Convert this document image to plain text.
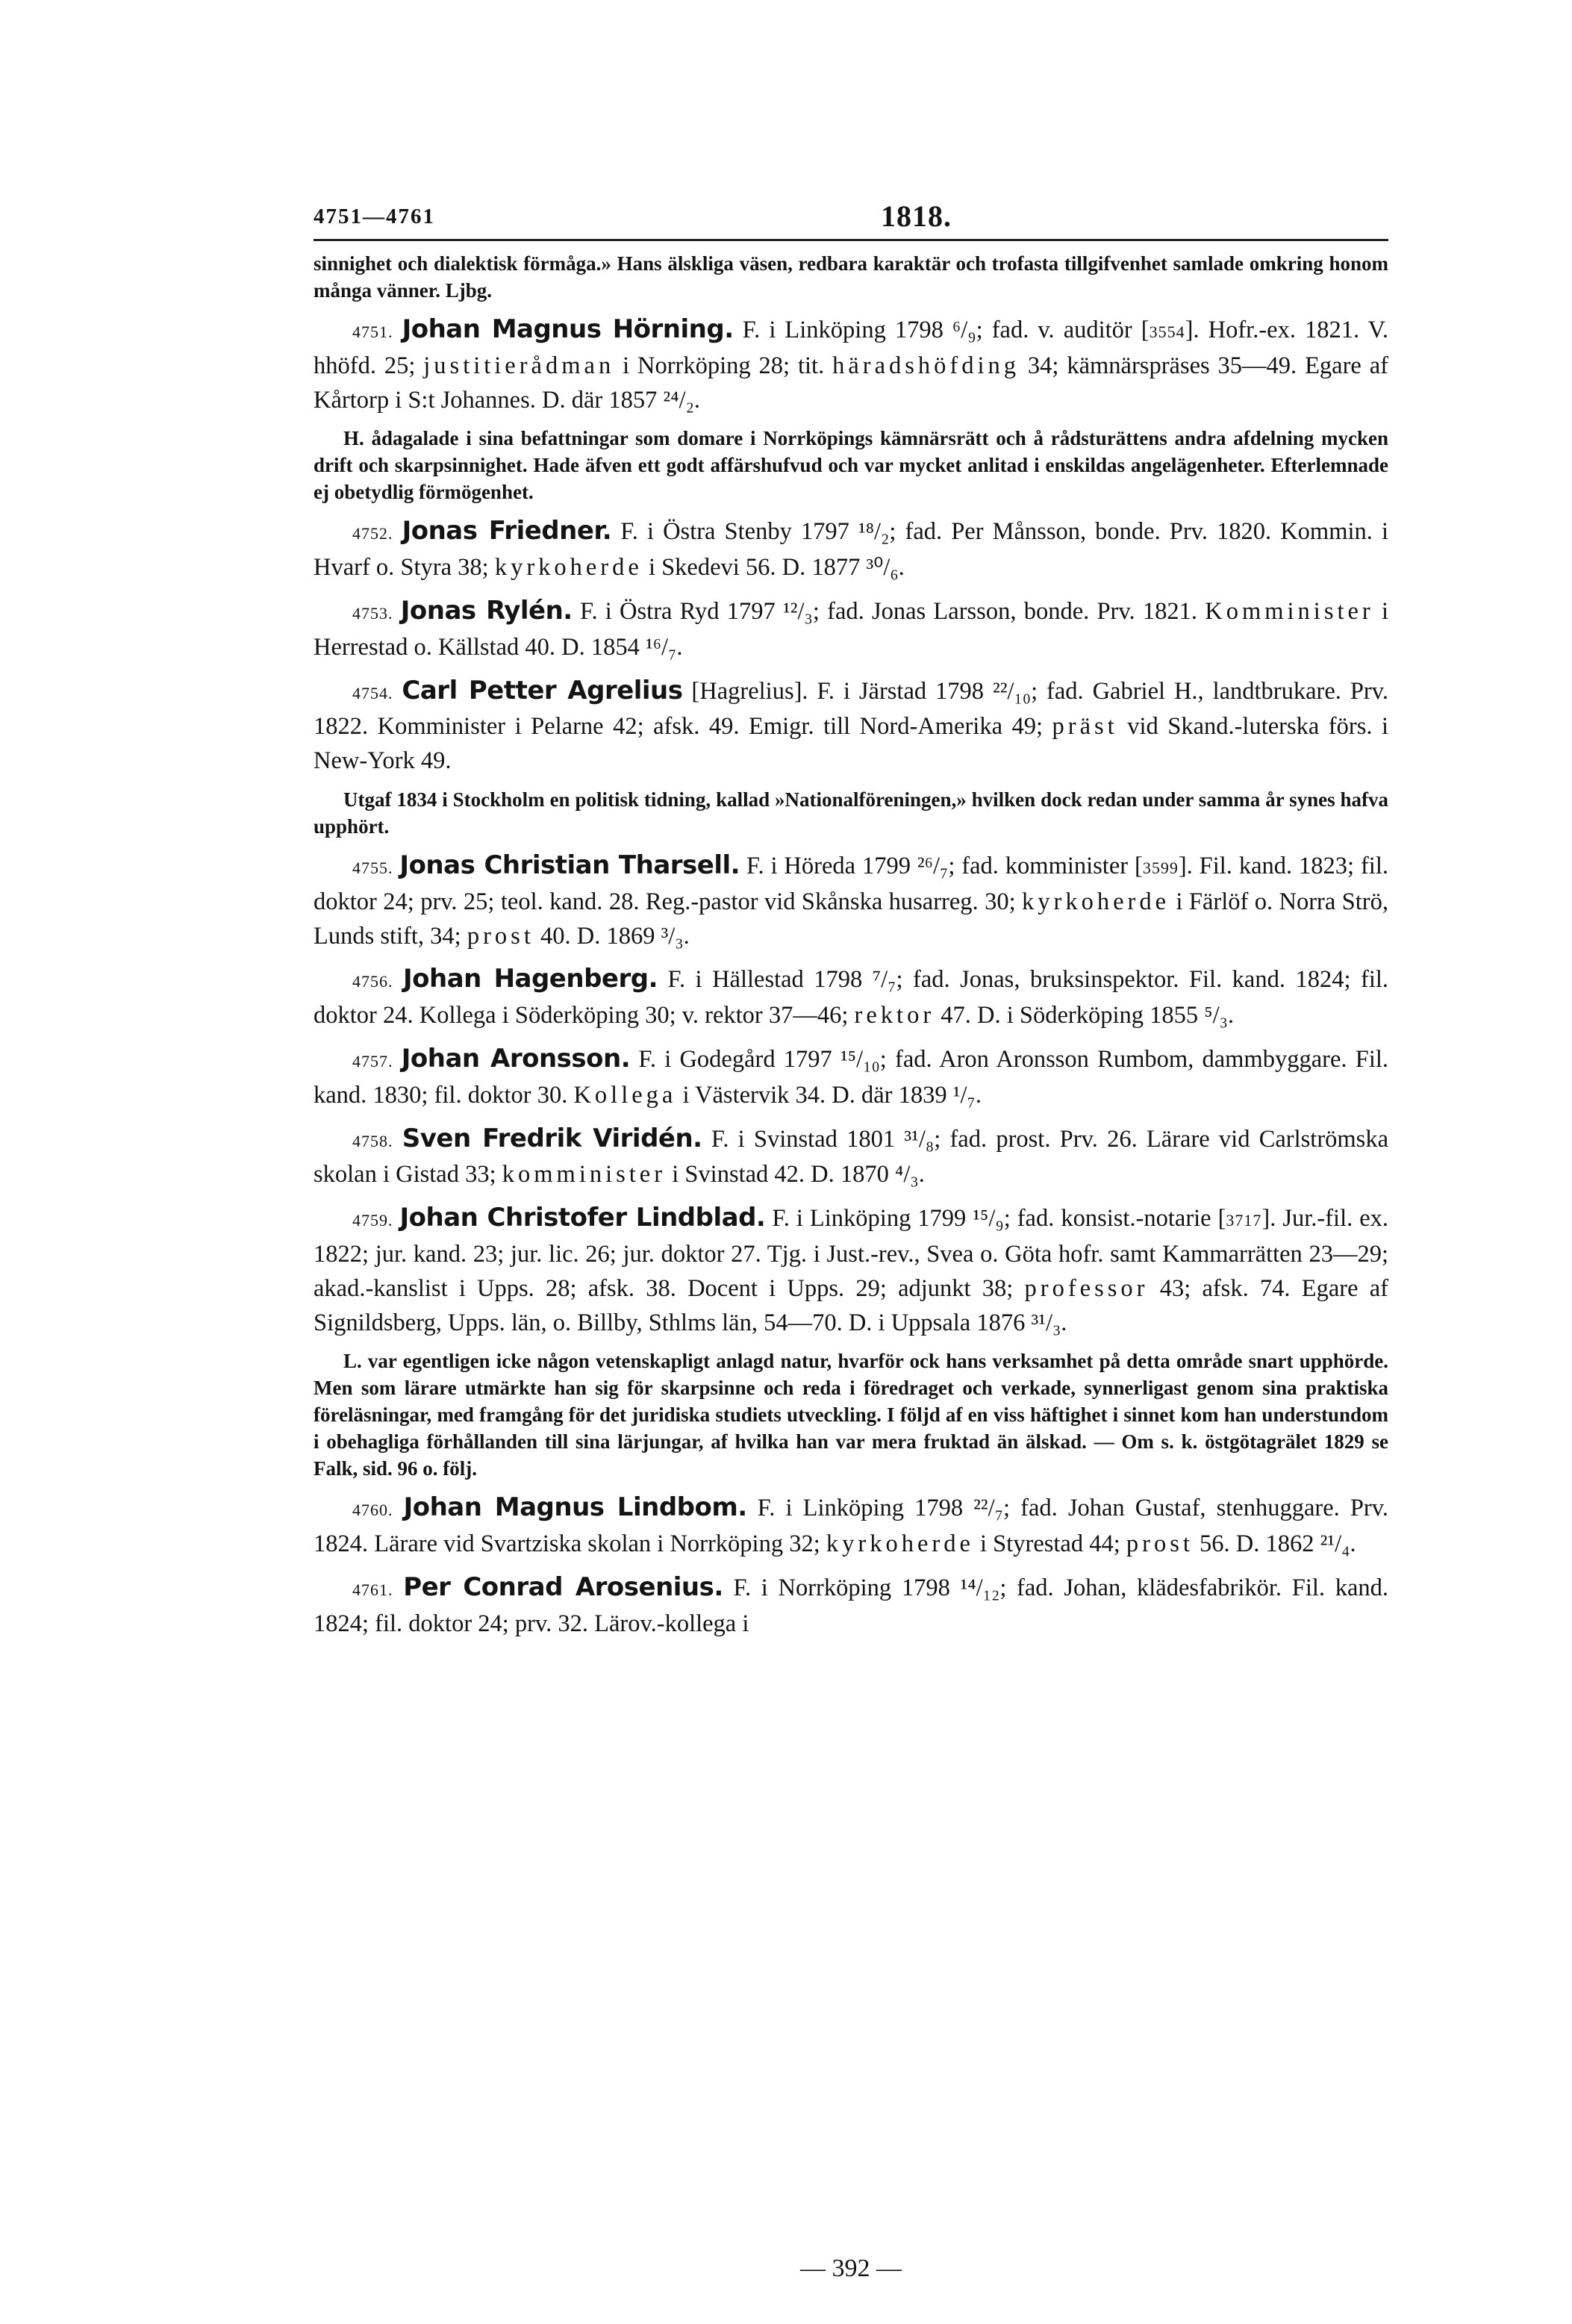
4751—4761	1818.

sinnighet och dialektisk förmåga.» Hans älskliga väsen, redbara karaktär och trofasta tillgifvenhet samlade omkring honom många vänner. Ljbg.

4751. Johan Magnus Hörning. F. i Linköping 1798 ⁶/₉; fad. v. auditör [3554]. Hofr.-ex. 1821. V. hhöfd. 25; justitierådman i Norrköping 28; tit. häradshöfding 34; kämnärspräses 35—49. Egare af Kårtorp i S:t Johannes. D. där 1857 ²⁴/₂.

H. ådagalade i sina befattningar som domare i Norrköpings kämnärsrätt och å rådsturättens andra afdelning mycken drift och skarpsinnighet. Hade äfven ett godt affärshufvud och var mycket anlitad i enskildas angelägenheter. Efterlemnade ej obetydlig förmögenhet.

4752. Jonas Friedner. F. i Östra Stenby 1797 ¹⁸/₂; fad. Per Månsson, bonde. Prv. 1820. Kommin. i Hvarf o. Styra 38; kyrkoherde i Skedevi 56. D. 1877 ³⁰/₆.

4753. Jonas Rylén. F. i Östra Ryd 1797 ¹²/₃; fad. Jonas Larsson, bonde. Prv. 1821. Komminister i Herrestad o. Källstad 40. D. 1854 ¹⁶/₇.

4754. Carl Petter Agrelius [Hagrelius]. F. i Järstad 1798 ²²/₁₀; fad. Gabriel H., landtbrukare. Prv. 1822. Komminister i Pelarne 42; afsk. 49. Emigr. till Nord-Amerika 49; präst vid Skand.-luterska förs. i New-York 49.

Utgaf 1834 i Stockholm en politisk tidning, kallad »Nationalföreningen,» hvilken dock redan under samma år synes hafva upphört.

4755. Jonas Christian Tharsell. F. i Höreda 1799 ²⁶/₇; fad. komminister [3599]. Fil. kand. 1823; fil. doktor 24; prv. 25; teol. kand. 28. Reg.-pastor vid Skånska husarreg. 30; kyrkoherde i Färlöf o. Norra Strö, Lunds stift, 34; prost 40. D. 1869 ³/₃.

4756. Johan Hagenberg. F. i Hällestad 1798 ⁷/₇; fad. Jonas, bruksinspektor. Fil. kand. 1824; fil. doktor 24. Kollega i Söderköping 30; v. rektor 37—46; rektor 47. D. i Söderköping 1855 ⁵/₃.

4757. Johan Aronsson. F. i Godegård 1797 ¹⁵/₁₀; fad. Aron Aronsson Rumbom, dammbyggare. Fil. kand. 1830; fil. doktor 30. Kollega i Västervik 34. D. där 1839 ¹/₇.

4758. Sven Fredrik Viridén. F. i Svinstad 1801 ³¹/₈; fad. prost. Prv. 26. Lärare vid Carlströmska skolan i Gistad 33; komminister i Svinstad 42. D. 1870 ⁴/₃.

4759. Johan Christofer Lindblad. F. i Linköping 1799 ¹⁵/₉; fad. konsist.-notarie [3717]. Jur.-fil. ex. 1822; jur. kand. 23; jur. lic. 26; jur. doktor 27. Tjg. i Just.-rev., Svea o. Göta hofr. samt Kammarrätten 23—29; akad.-kanslist i Upps. 28; afsk. 38. Docent i Upps. 29; adjunkt 38; professor 43; afsk. 74. Egare af Signildsberg, Upps. län, o. Billby, Sthlms län, 54—70. D. i Uppsala 1876 ³¹/₃.

L. var egentligen icke någon vetenskapligt anlagd natur, hvarför ock hans verksamhet på detta område snart upphörde. Men som lärare utmärkte han sig för skarpsinne och reda i föredraget och verkade, synnerligast genom sina praktiska föreläsningar, med framgång för det juridiska studiets utveckling. I följd af en viss häftighet i sinnet kom han understundom i obehagliga förhållanden till sina lärjungar, af hvilka han var mera fruktad än älskad. — Om s. k. östgötagrälet 1829 se Falk, sid. 96 o. följ.

4760. Johan Magnus Lindbom. F. i Linköping 1798 ²²/₇; fad. Johan Gustaf, stenhuggare. Prv. 1824. Lärare vid Svartziska skolan i Norrköping 32; kyrkoherde i Styrestad 44; prost 56. D. 1862 ²¹/₄.

4761. Per Conrad Arosenius. F. i Norrköping 1798 ¹⁴/₁₂; fad. Johan, klädesfabrikör. Fil. kand. 1824; fil. doktor 24; prv. 32. Lärov.-kollega i

— 392 —
